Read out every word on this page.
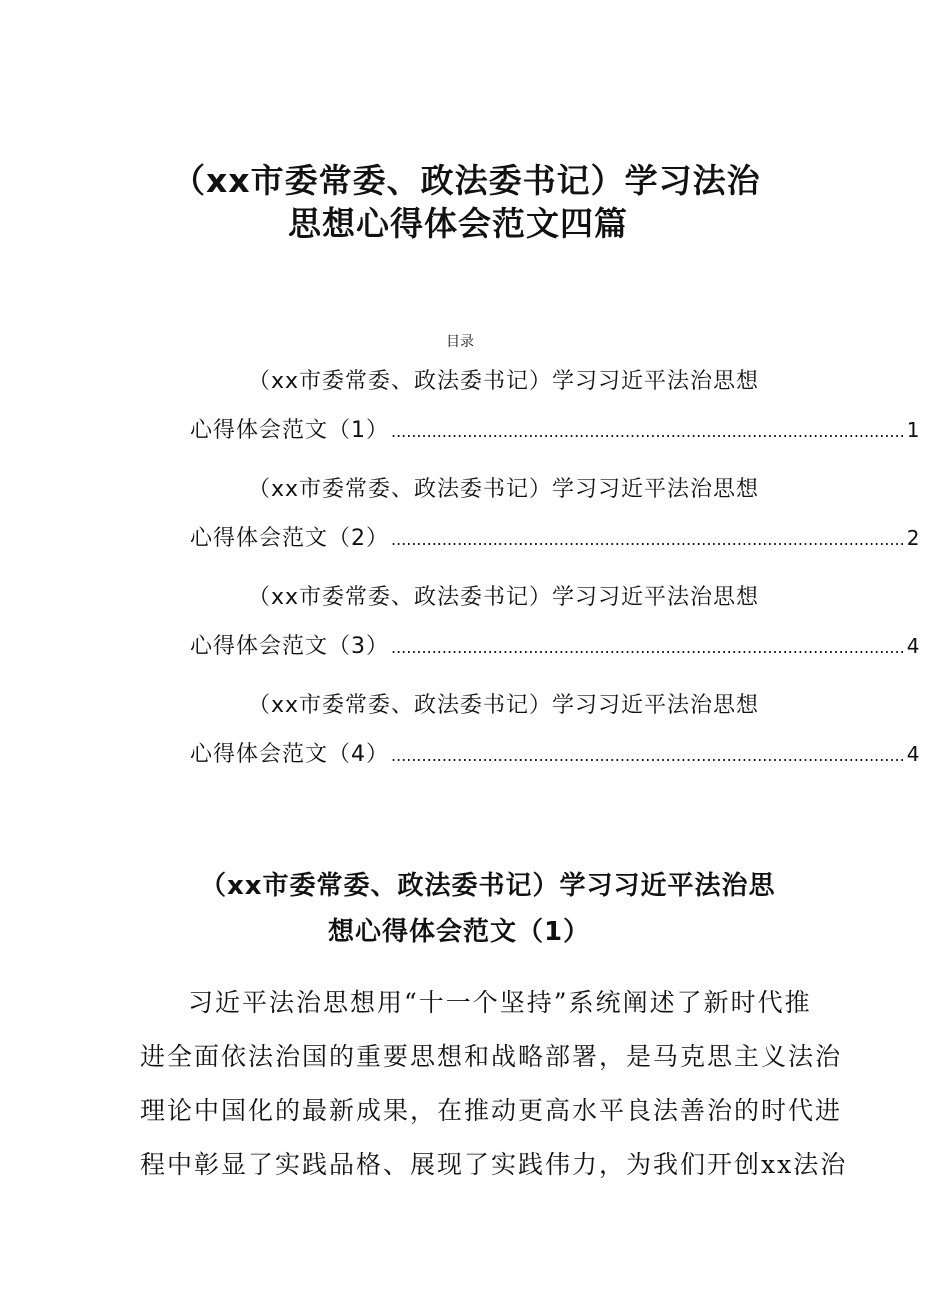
（xx市委常委、政法委书记）学习法治
思想心得体会范文四篇
目录
（xx市委常委、政法委书记）学习习近平法治思想
心得体会范文（1） ..................................................................................................... 1
（xx市委常委、政法委书记）学习习近平法治思想
心得体会范文（2） ..................................................................................................... 2
（xx市委常委、政法委书记）学习习近平法治思想
心得体会范文（3） ..................................................................................................... 4
（xx市委常委、政法委书记）学习习近平法治思想
心得体会范文（4） ..................................................................................................... 4
（xx市委常委、政法委书记）学习习近平法治思
想心得体会范文（1）
习近平法治思想用“十一个坚持”系统阐述了新时代推
进全面依法治国的重要思想和战略部署，是马克思主义法治
理论中国化的最新成果，在推动更高水平良法善治的时代进
程中彰显了实践品格、展现了实践伟力，为我们开创xx法治
